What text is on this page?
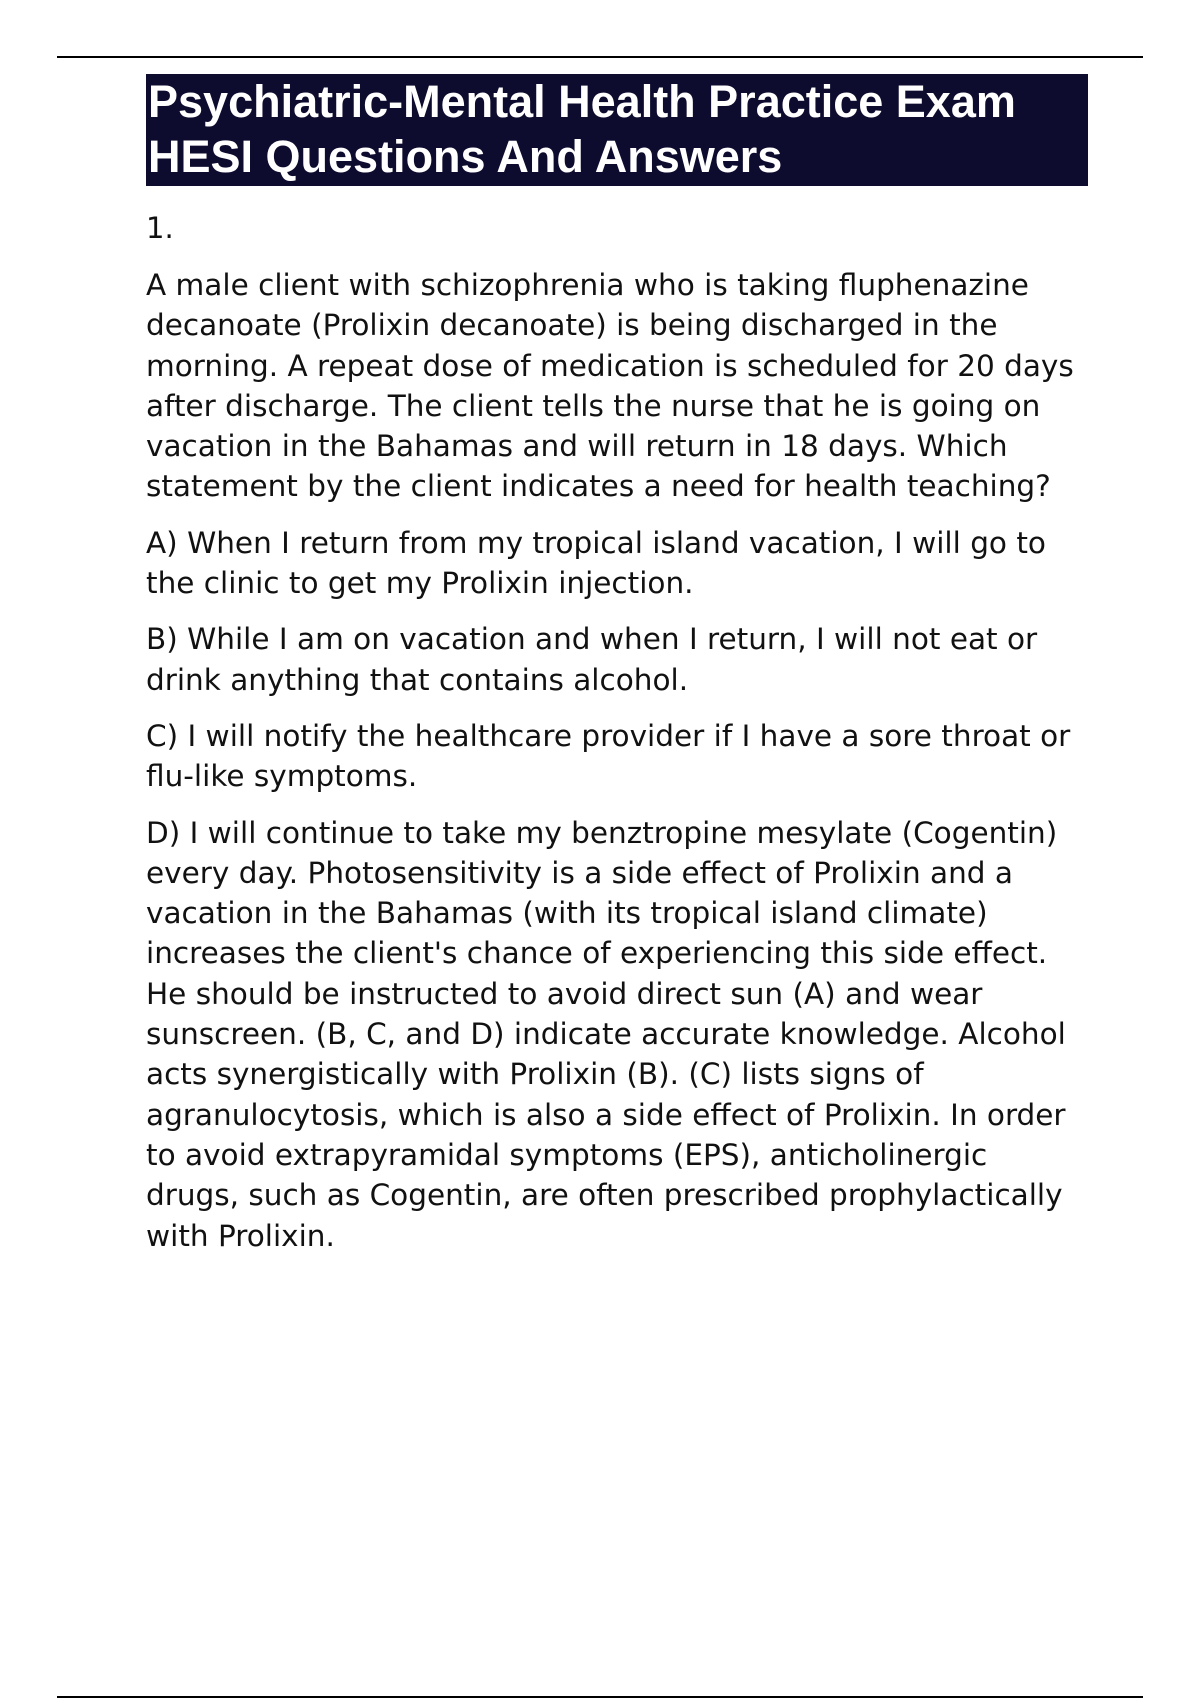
Psychiatric-Mental Health Practice Exam
HESI Questions And Answers

1.

A male client with schizophrenia who is taking fluphenazine decanoate (Prolixin decanoate) is being discharged in the morning. A repeat dose of medication is scheduled for 20 days after discharge. The client tells the nurse that he is going on vacation in the Bahamas and will return in 18 days. Which statement by the client indicates a need for health teaching?

A) When I return from my tropical island vacation, I will go to the clinic to get my Prolixin injection.

B) While I am on vacation and when I return, I will not eat or drink anything that contains alcohol.

C) I will notify the healthcare provider if I have a sore throat or flu-like symptoms.

D) I will continue to take my benztropine mesylate (Cogentin) every day. Photosensitivity is a side effect of Prolixin and a vacation in the Bahamas (with its tropical island climate) increases the client's chance of experiencing this side effect. He should be instructed to avoid direct sun (A) and wear sunscreen. (B, C, and D) indicate accurate knowledge. Alcohol acts synergistically with Prolixin (B). (C) lists signs of agranulocytosis, which is also a side effect of Prolixin. In order to avoid extrapyramidal symptoms (EPS), anticholinergic drugs, such as Cogentin, are often prescribed prophylactically with Prolixin.
